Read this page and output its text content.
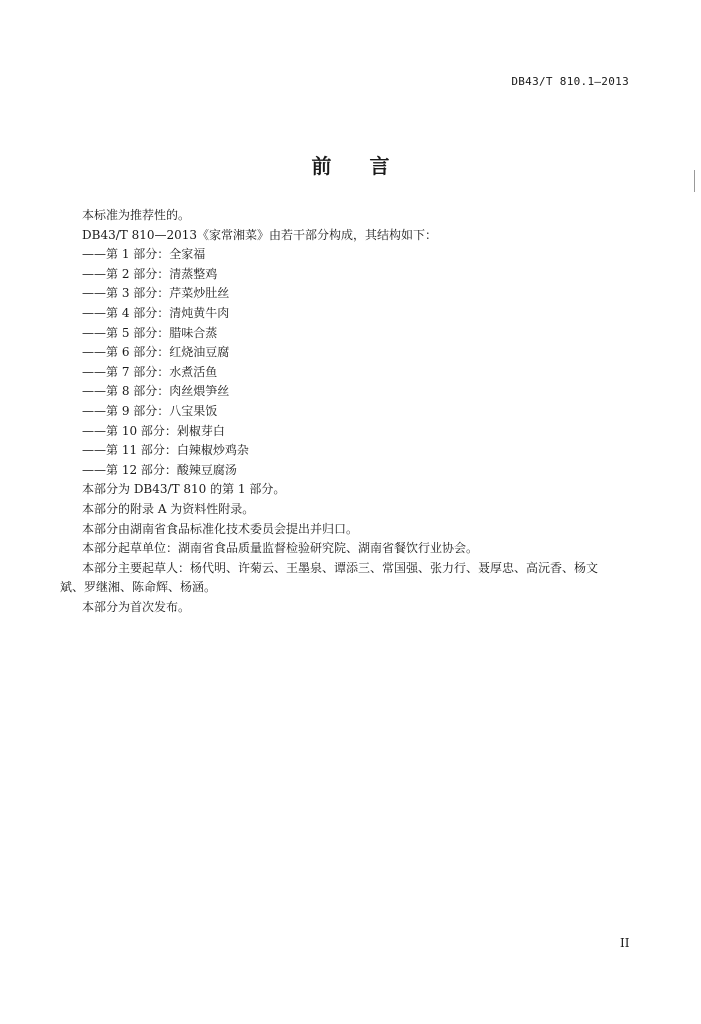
DB43/T 810.1—2013
前言

本标准为推荐性的。

DB43/T 810—2013《家常湘菜》由若干部分构成，其结构如下：

——第 1 部分：全家福

——第 2 部分：清蒸整鸡

——第 3 部分：芹菜炒肚丝

——第 4 部分：清炖黄牛肉

——第 5 部分：腊味合蒸

——第 6 部分：红烧油豆腐

——第 7 部分：水煮活鱼

——第 8 部分：肉丝煨笋丝

——第 9 部分：八宝果饭

——第 10 部分：剁椒芽白

——第 11 部分：白辣椒炒鸡杂

——第 12 部分：酸辣豆腐汤

本部分为 DB43/T 810 的第 1 部分。

本部分的附录 A 为资料性附录。

本部分由湖南省食品标准化技术委员会提出并归口。

本部分起草单位：湖南省食品质量监督检验研究院、湖南省餐饮行业协会。

本部分主要起草人：杨代明、许菊云、王墨泉、谭添三、常国强、张力行、聂厚忠、高沅香、杨文

斌、罗继湘、陈命辉、杨涵。

本部分为首次发布。

II
